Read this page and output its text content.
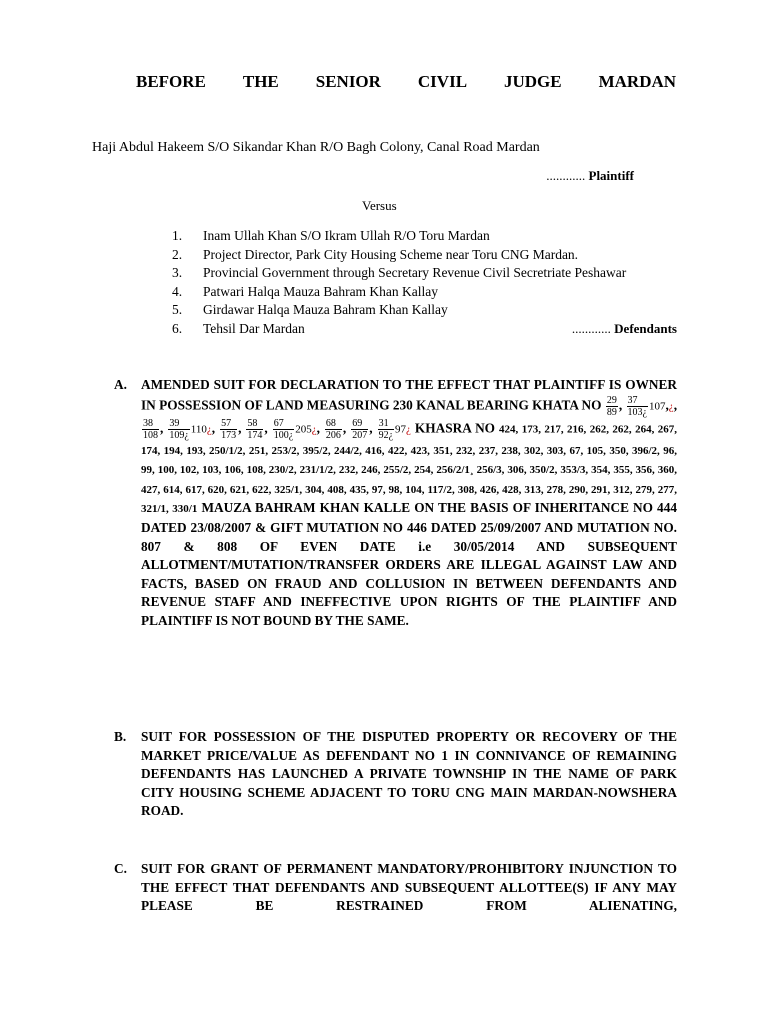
BEFORE THE SENIOR CIVIL JUDGE MARDAN
Haji Abdul Hakeem S/O Sikandar Khan R/O Bagh Colony, Canal Road Mardan
............ Plaintiff
Versus
1.	Inam Ullah Khan S/O Ikram Ullah R/O Toru Mardan
2.	Project Director, Park City Housing Scheme near Toru CNG Mardan.
3.	Provincial Government through Secretary Revenue Civil Secretriate Peshawar
4.	Patwari Halqa Mauza Bahram Khan Kallay
5.	Girdawar Halqa Mauza Bahram Khan Kallay
6.	Tehsil Dar Mardan	............ Defendants
A.	AMENDED SUIT FOR DECLARATION TO THE EFFECT THAT PLAINTIFF IS OWNER IN POSSESSION OF LAND MEASURING 230 KANAL BEARING KHATA NO $\frac{29}{89}$ , $\frac{37}{103¿}$ 107,¿,
$\frac{38}{108}$ , $\frac{39}{109¿}$ 110¿, $\frac{57}{173}$ , $\frac{58}{174}$ , $\frac{67}{100¿}$ 205¿, $\frac{68}{206}$ , $\frac{69}{207}$ , $\frac{31}{92¿}$ 97¿ KHASRA NO 424, 173, 217, 216, 262, 262, 264, 267, 174, 194, 193, 250/1/2, 251, 253/2, 395/2, 244/2, 416, 422, 423, 351, 232, 237, 238, 302, 303, 67, 105, 350, 396/2, 96, 99, 100, 102, 103, 106, 108, 230/2, 231/1/2, 232, 246, 255/2, 254, 256/2/1¸ 256/3, 306, 350/2, 353/3, 354, 355, 356, 360, 427, 614, 617, 620, 621, 622, 325/1, 304, 408, 435, 97, 98, 104, 117/2, 308, 426, 428, 313, 278, 290, 291, 312, 279, 277, 321/1, 330/1 MAUZA BAHRAM KHAN KALLE ON THE BASIS OF INHERITANCE NO 444 DATED 23/08/2007 & GIFT MUTATION NO 446 DATED 25/09/2007 AND MUTATION NO. 807 & 808 OF EVEN DATE i.e 30/05/2014 AND SUBSEQUENT ALLOTMENT/MUTATION/TRANSFER ORDERS ARE ILLEGAL AGAINST LAW AND FACTS, BASED ON FRAUD AND COLLUSION IN BETWEEN DEFENDANTS AND REVENUE STAFF AND INEFFECTIVE UPON RIGHTS OF THE PLAINTIFF AND PLAINTIFF IS NOT BOUND BY THE SAME.
B.	SUIT FOR POSSESSION OF THE DISPUTED PROPERTY OR RECOVERY OF THE MARKET PRICE/VALUE AS DEFENDANT NO 1 IN CONNIVANCE OF REMAINING DEFENDANTS HAS LAUNCHED A PRIVATE TOWNSHIP IN THE NAME OF PARK CITY HOUSING SCHEME ADJACENT TO TORU CNG MAIN MARDAN-NOWSHERA ROAD.
C.	SUIT FOR GRANT OF PERMANENT MANDATORY/PROHIBITORY INJUNCTION TO THE EFFECT THAT DEFENDANTS AND SUBSEQUENT ALLOTTEE(S) IF ANY MAY PLEASE BE RESTRAINED FROM ALIENATING,
